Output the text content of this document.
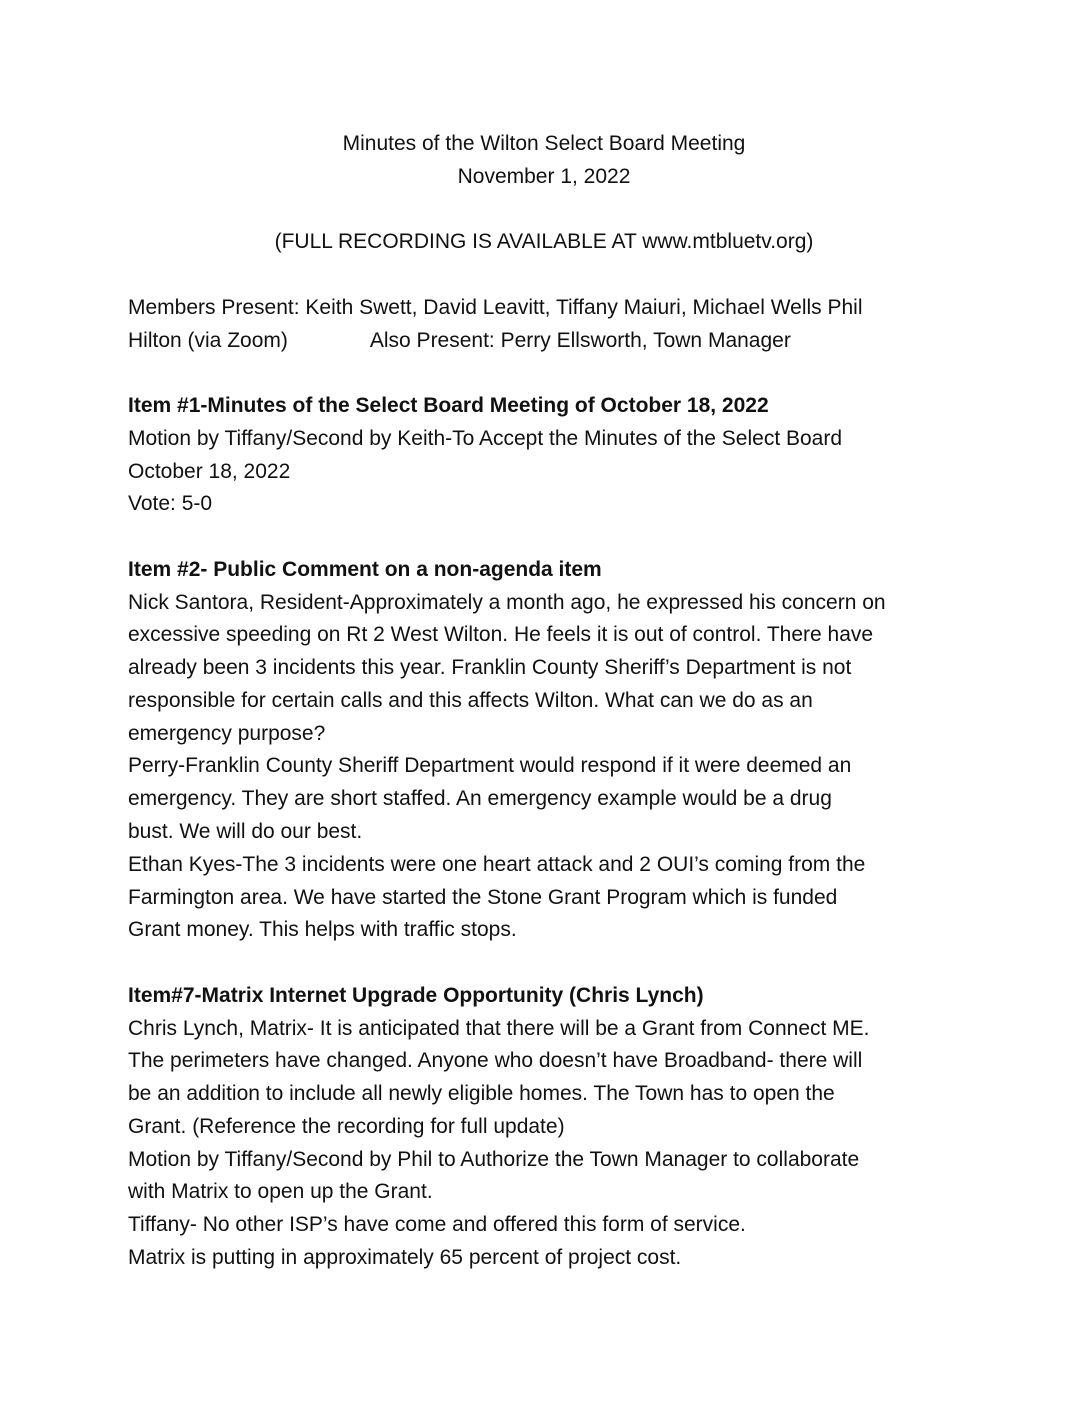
Minutes of the Wilton Select Board Meeting
November 1, 2022
(FULL RECORDING IS AVAILABLE AT www.mtbluetv.org)
Members Present: Keith Swett, David Leavitt, Tiffany Maiuri, Michael Wells Phil
Hilton (via Zoom)	Also Present: Perry Ellsworth, Town Manager
Item #1-Minutes of the Select Board Meeting of October 18, 2022
Motion by Tiffany/Second by Keith-To Accept the Minutes of the Select Board
October 18, 2022
Vote: 5-0
Item #2- Public Comment on a non-agenda item
Nick Santora, Resident-Approximately a month ago, he expressed his concern on
excessive speeding on Rt 2 West Wilton. He feels it is out of control. There have
already been 3 incidents this year. Franklin County Sheriff’s Department is not
responsible for certain calls and this affects Wilton. What can we do as an
emergency purpose?
Perry-Franklin County Sheriff Department would respond if it were deemed an
emergency. They are short staffed. An emergency example would be a drug
bust. We will do our best.
Ethan Kyes-The 3 incidents were one heart attack and 2 OUI’s coming from the
Farmington area. We have started the Stone Grant Program which is funded
Grant money. This helps with traffic stops.
Item#7-Matrix Internet Upgrade Opportunity (Chris Lynch)
Chris Lynch, Matrix- It is anticipated that there will be a Grant from Connect ME.
The perimeters have changed. Anyone who doesn’t have Broadband- there will
be an addition to include all newly eligible homes. The Town has to open the
Grant. (Reference the recording for full update)
Motion by Tiffany/Second by Phil to Authorize the Town Manager to collaborate
with Matrix to open up the Grant.
Tiffany- No other ISP’s have come and offered this form of service.
Matrix is putting in approximately 65 percent of project cost.
